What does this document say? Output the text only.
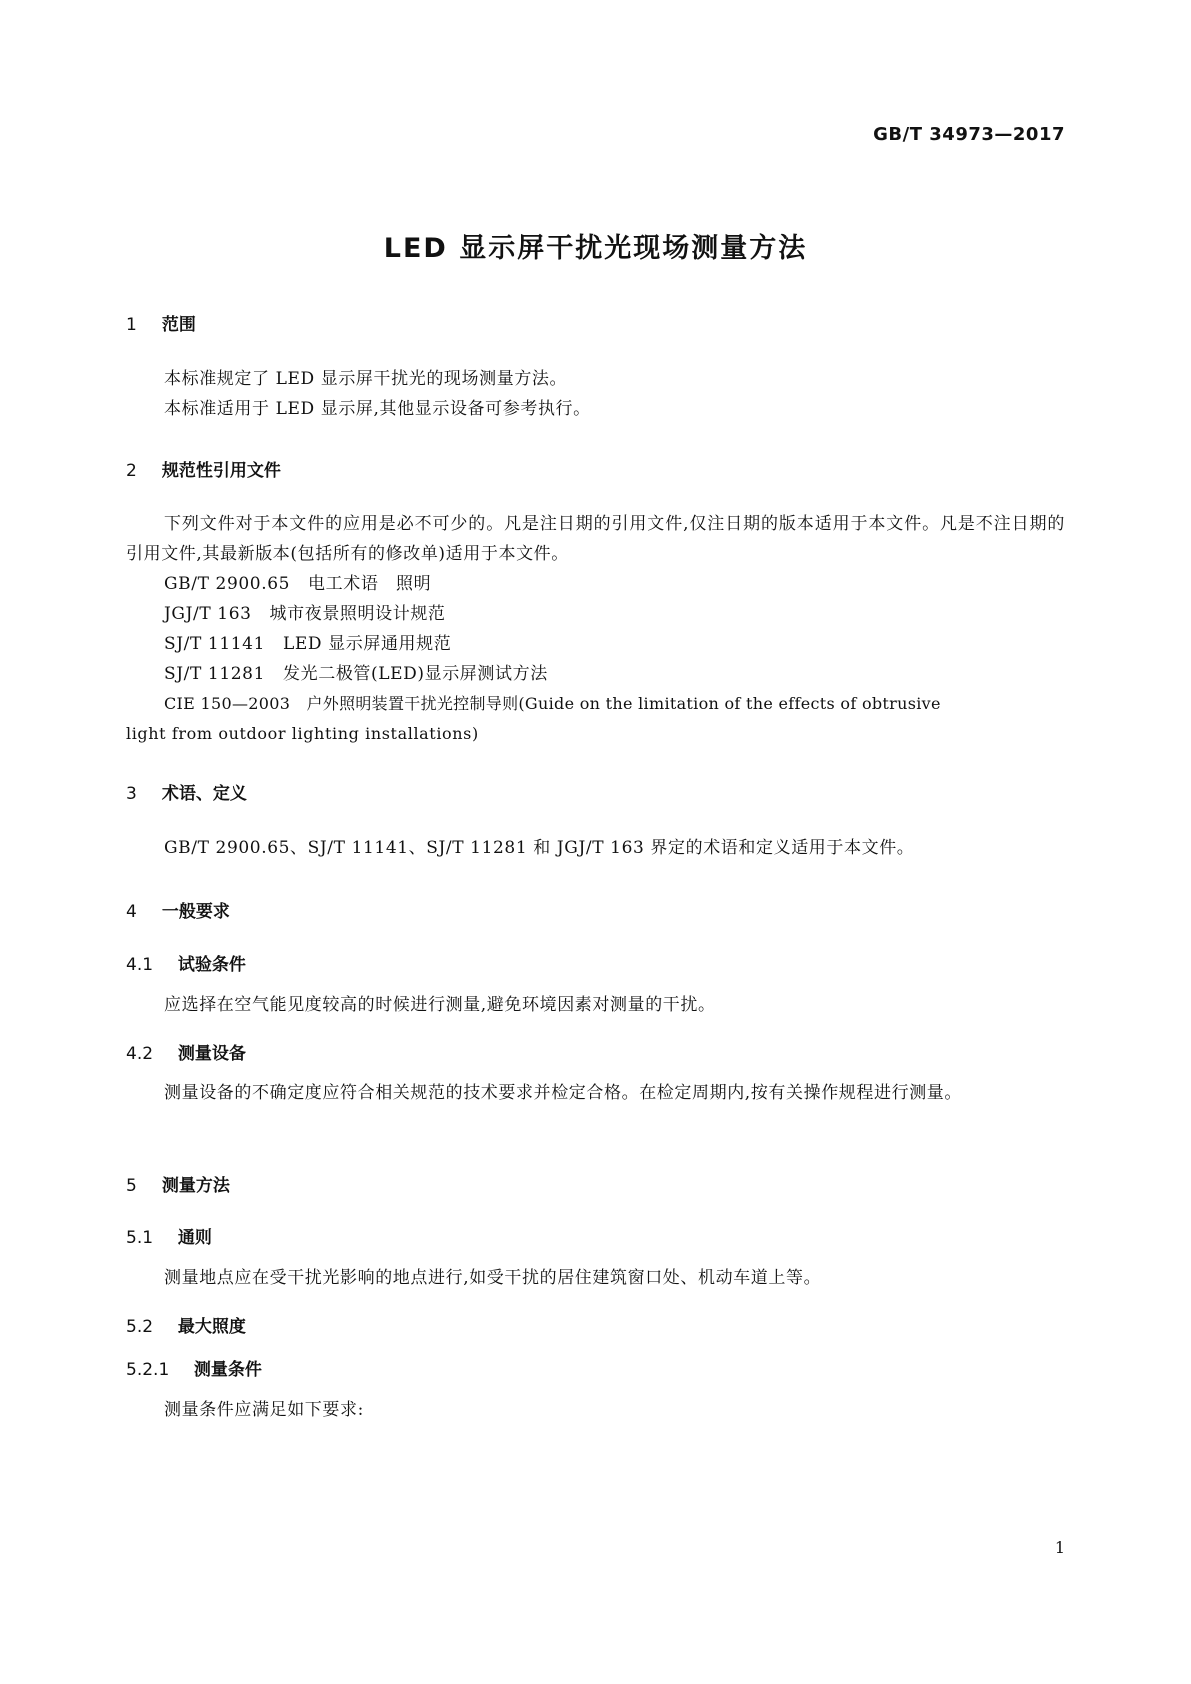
GB/T 34973—2017
LED 显示屏干扰光现场测量方法
1 范围
本标准规定了 LED 显示屏干扰光的现场测量方法。
本标准适用于 LED 显示屏,其他显示设备可参考执行。
2 规范性引用文件
下列文件对于本文件的应用是必不可少的。凡是注日期的引用文件,仅注日期的版本适用于本文件。凡是不注日期的引用文件,其最新版本(包括所有的修改单)适用于本文件。
GB/T 2900.65 电工术语　照明
JGJ/T 163 城市夜景照明设计规范
SJ/T 11141 LED 显示屏通用规范
SJ/T 11281 发光二极管(LED)显示屏测试方法
CIE 150—2003　户外照明装置干扰光控制导则(Guide on the limitation of the effects of obtrusive
light from outdoor lighting installations)
3 术语、定义
GB/T 2900.65、SJ/T 11141、SJ/T 11281 和 JGJ/T 163 界定的术语和定义适用于本文件。
4 一般要求
4.1 试验条件
应选择在空气能见度较高的时候进行测量,避免环境因素对测量的干扰。
4.2 测量设备
测量设备的不确定度应符合相关规范的技术要求并检定合格。在检定周期内,按有关操作规程进行测量。
5 测量方法
5.1 通则
测量地点应在受干扰光影响的地点进行,如受干扰的居住建筑窗口处、机动车道上等。
5.2 最大照度
5.2.1 测量条件
测量条件应满足如下要求:
1
